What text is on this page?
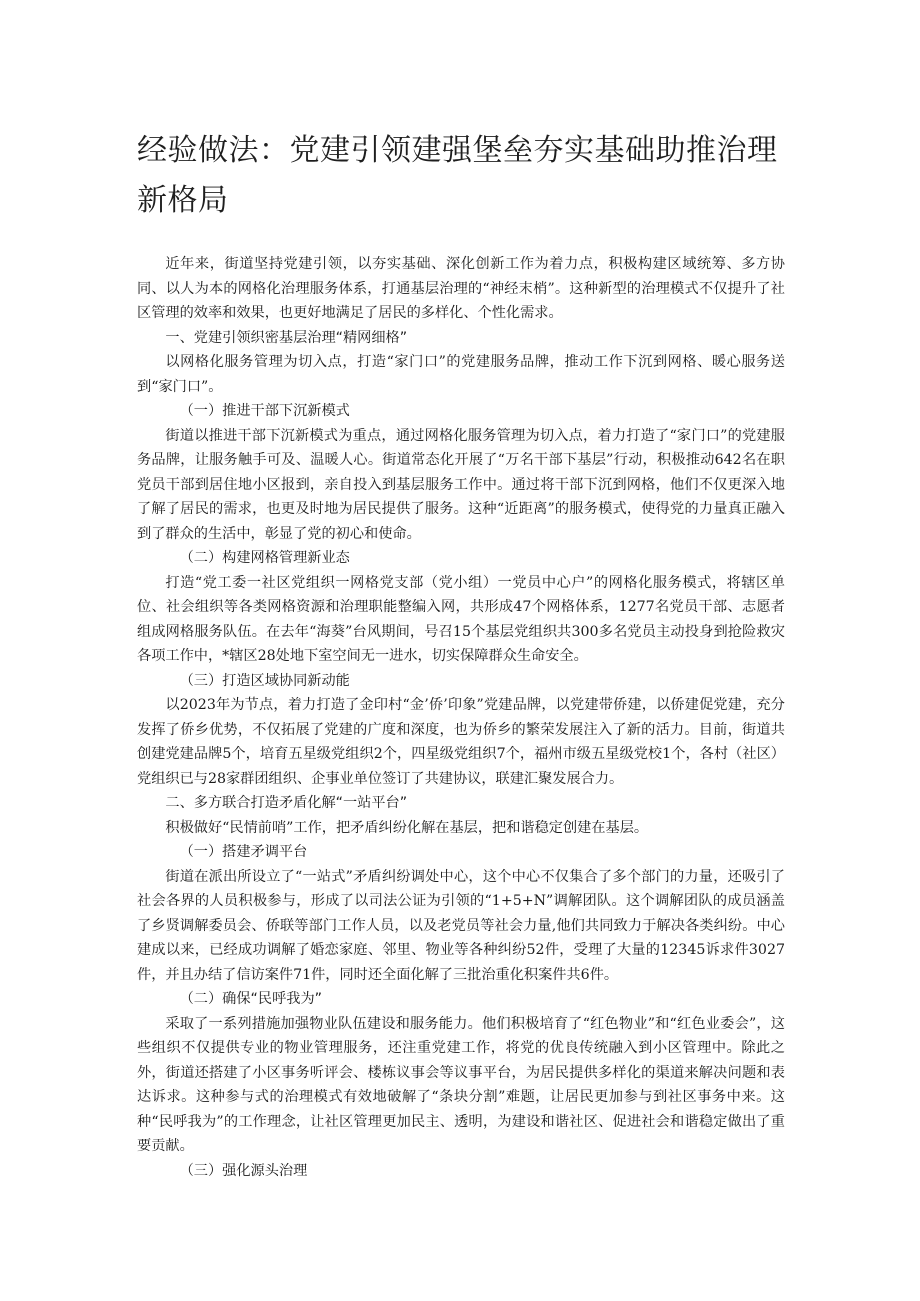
经验做法：党建引领建强堡垒夯实基础助推治理新格局

近年来，街道坚持党建引领，以夯实基础、深化创新工作为着力点，积极构建区域统筹、多方协同、以人为本的网格化治理服务体系，打通基层治理的“神经末梢”。这种新型的治理模式不仅提升了社区管理的效率和效果，也更好地满足了居民的多样化、个性化需求。

一、党建引领织密基层治理“精网细格”

以网格化服务管理为切入点，打造“家门口”的党建服务品牌，推动工作下沉到网格、暖心服务送到“家门口”。

（一）推进干部下沉新模式

街道以推进干部下沉新模式为重点，通过网格化服务管理为切入点，着力打造了“家门口”的党建服务品牌，让服务触手可及、温暖人心。街道常态化开展了“万名干部下基层”行动，积极推动642名在职党员干部到居住地小区报到，亲自投入到基层服务工作中。通过将干部下沉到网格，他们不仅更深入地了解了居民的需求，也更及时地为居民提供了服务。这种“近距离”的服务模式，使得党的力量真正融入到了群众的生活中，彰显了党的初心和使命。

（二）构建网格管理新业态

打造“党工委一社区党组织一网格党支部（党小组）一党员中心户”的网格化服务模式，将辖区单位、社会组织等各类网格资源和治理职能整编入网，共形成47个网格体系，1277名党员干部、志愿者组成网格服务队伍。在去年“海葵”台风期间，号召15个基层党组织共300多名党员主动投身到抢险救灾各项工作中，*辖区28处地下室空间无一进水，切实保障群众生命安全。

（三）打造区域协同新动能

以2023年为节点，着力打造了金印村“金’侨’印象”党建品牌，以党建带侨建，以侨建促党建，充分发挥了侨乡优势，不仅拓展了党建的广度和深度，也为侨乡的繁荣发展注入了新的活力。目前，街道共创建党建品牌5个，培育五星级党组织2个，四星级党组织7个，福州市级五星级党校1个，各村（社区）党组织已与28家群团组织、企事业单位签订了共建协议，联建汇聚发展合力。

二、多方联合打造矛盾化解“一站平台”

积极做好“民情前哨”工作，把矛盾纠纷化解在基层，把和谐稳定创建在基层。

（一）搭建矛调平台

街道在派出所设立了“一站式”矛盾纠纷调处中心，这个中心不仅集合了多个部门的力量，还吸引了社会各界的人员积极参与，形成了以司法公证为引领的“1+5+N”调解团队。这个调解团队的成员涵盖了乡贤调解委员会、侨联等部门工作人员，以及老党员等社会力量,他们共同致力于解决各类纠纷。中心建成以来，已经成功调解了婚恋家庭、邻里、物业等各种纠纷52件，受理了大量的12345诉求件3027件，并且办结了信访案件71件，同时还全面化解了三批治重化积案件共6件。

（二）确保“民呼我为”

采取了一系列措施加强物业队伍建设和服务能力。他们积极培育了“红色物业”和“红色业委会”，这些组织不仅提供专业的物业管理服务，还注重党建工作，将党的优良传统融入到小区管理中。除此之外，街道还搭建了小区事务听评会、楼栋议事会等议事平台，为居民提供多样化的渠道来解决问题和表达诉求。这种参与式的治理模式有效地破解了“条块分割”难题，让居民更加参与到社区事务中来。这种“民呼我为”的工作理念，让社区管理更加民主、透明，为建设和谐社区、促进社会和谐稳定做出了重要贡献。

（三）强化源头治理
